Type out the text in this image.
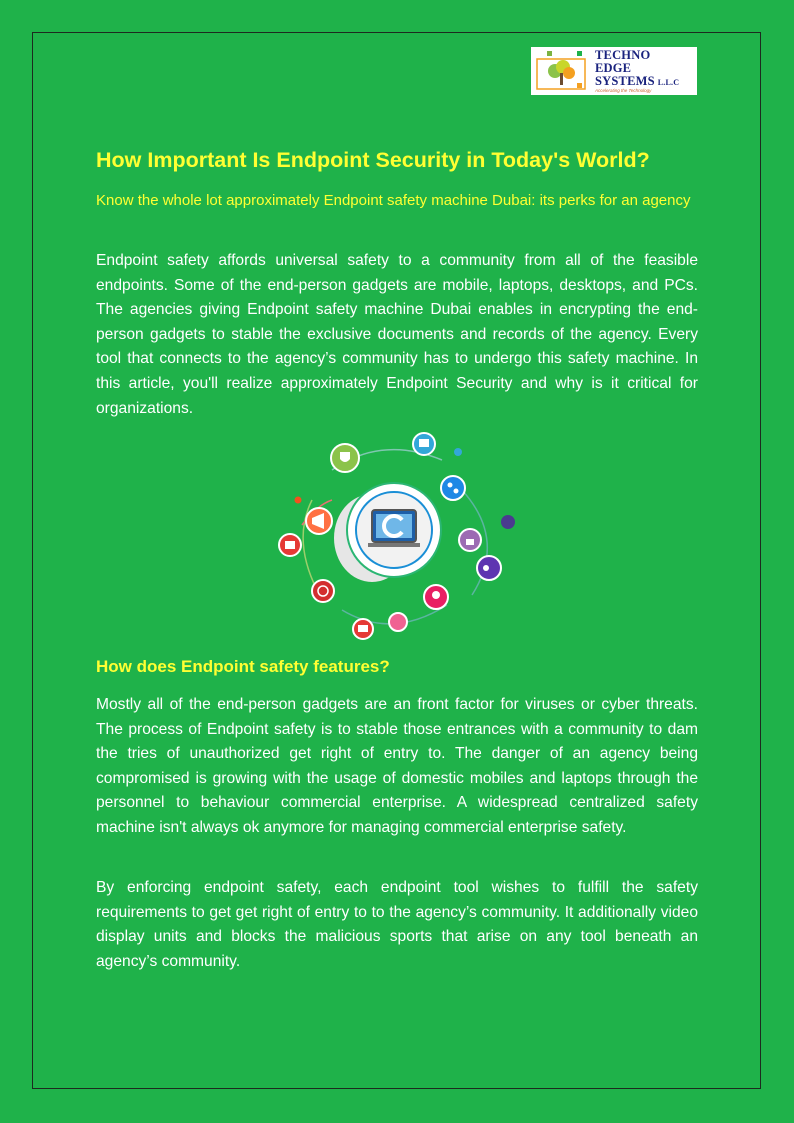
TECHNO
EDGE
SYSTEMS L.L.C
Accelerating the Technology
How Important Is Endpoint Security in Today's World?

Know the whole lot approximately Endpoint safety machine Dubai: its perks for an agency

Endpoint safety affords universal safety to a community from all of the feasible endpoints. Some of the end-person gadgets are mobile, laptops, desktops, and PCs. The agencies giving Endpoint safety machine Dubai enables in encrypting the end-person gadgets to stable the exclusive documents and records of the agency. Every tool that connects to the agency’s community has to undergo this safety machine. In this article, you'll realize approximately Endpoint Security and why is it critical for organizations.

How does Endpoint safety features?

Mostly all of the end-person gadgets are an front factor for viruses or cyber threats. The process of Endpoint safety is to stable those entrances with a community to dam the tries of unauthorized get right of entry to. The danger of an agency being compromised is growing with the usage of domestic mobiles and laptops through the personnel to behaviour commercial enterprise. A widespread centralized safety machine isn't always ok anymore for managing commercial enterprise safety.

By enforcing endpoint safety, each endpoint tool wishes to fulfill the safety requirements to get get right of entry to to the agency’s community. It additionally video display units and blocks the malicious sports that arise on any tool beneath an agency’s community.
